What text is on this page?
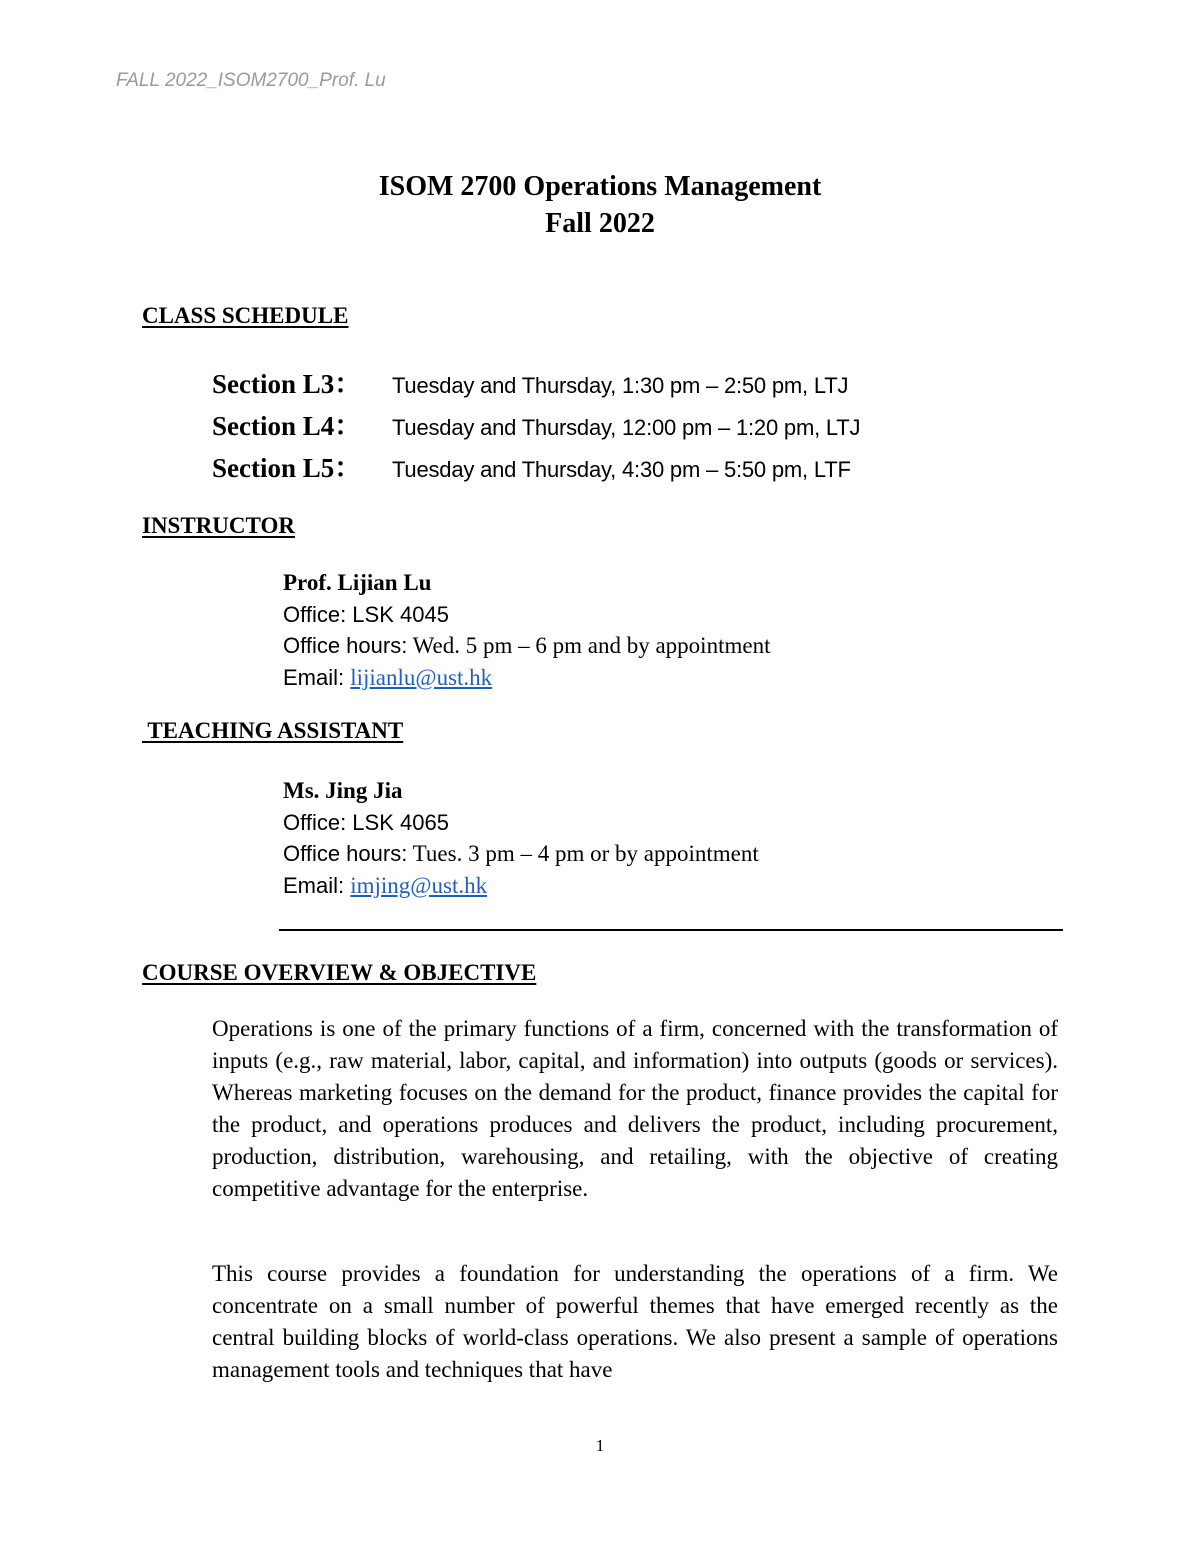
FALL 2022_ISOM2700_Prof. Lu
ISOM 2700 Operations Management
Fall 2022
CLASS SCHEDULE
Section L3：	Tuesday and Thursday, 1:30 pm – 2:50 pm, LTJ
Section L4：	Tuesday and Thursday, 12:00 pm – 1:20 pm, LTJ
Section L5：	Tuesday and Thursday, 4:30 pm – 5:50 pm, LTF
INSTRUCTOR
Prof. Lijian Lu
Office: LSK 4045
Office hours: Wed. 5 pm – 6 pm and by appointment
Email: lijianlu@ust.hk
TEACHING ASSISTANT
Ms. Jing Jia
Office: LSK 4065
Office hours: Tues. 3 pm – 4 pm or by appointment
Email: imjing@ust.hk
COURSE OVERVIEW & OBJECTIVE
Operations is one of the primary functions of a firm, concerned with the transformation of inputs (e.g., raw material, labor, capital, and information) into outputs (goods or services). Whereas marketing focuses on the demand for the product, finance provides the capital for the product, and operations produces and delivers the product, including procurement, production, distribution, warehousing, and retailing, with the objective of creating competitive advantage for the enterprise.
This course provides a foundation for understanding the operations of a firm. We concentrate on a small number of powerful themes that have emerged recently as the central building blocks of world-class operations. We also present a sample of operations management tools and techniques that have
1
